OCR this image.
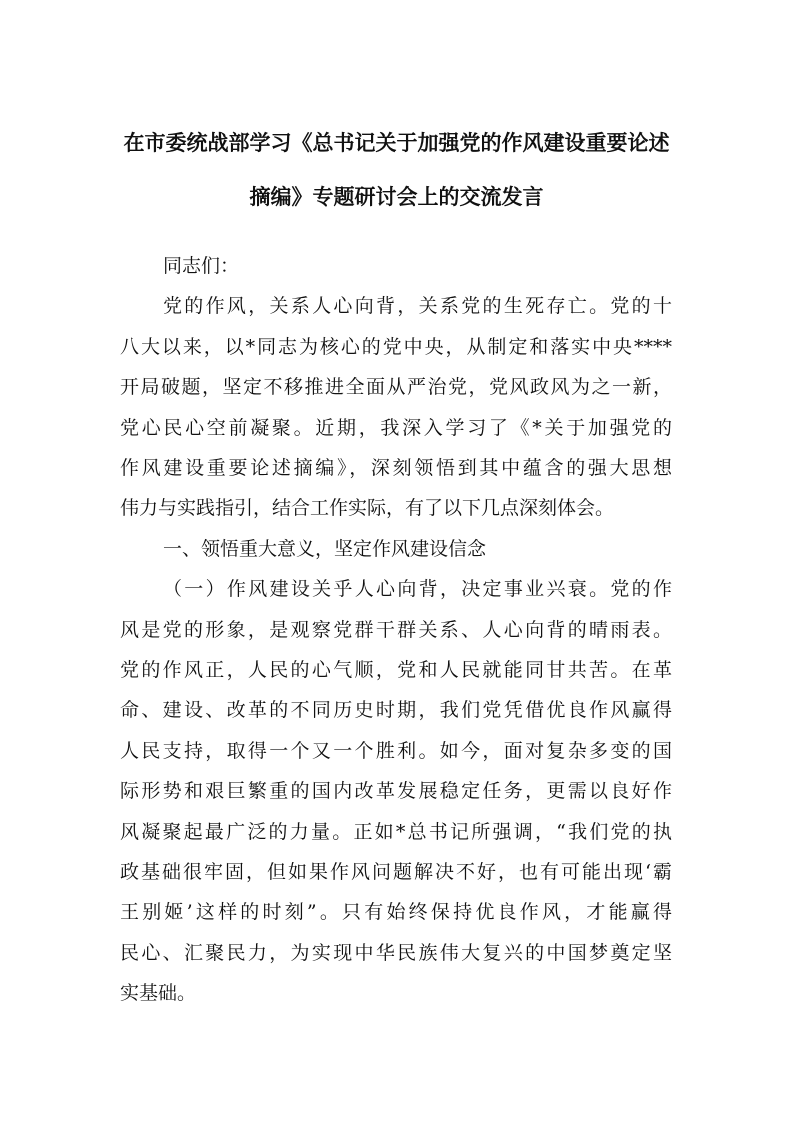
在市委统战部学习《总书记关于加强党的作风建设重要论述
摘编》专题研讨会上的交流发言
同志们：
党的作风，关系人心向背，关系党的生死存亡。党的十
八大以来，以*同志为核心的党中央，从制定和落实中央****
开局破题，坚定不移推进全面从严治党，党风政风为之一新，
党心民心空前凝聚。近期，我深入学习了《*关于加强党的
作风建设重要论述摘编》，深刻领悟到其中蕴含的强大思想
伟力与实践指引，结合工作实际，有了以下几点深刻体会。
一、领悟重大意义，坚定作风建设信念
（一）作风建设关乎人心向背，决定事业兴衰。党的作
风是党的形象，是观察党群干群关系、人心向背的晴雨表。
党的作风正，人民的心气顺，党和人民就能同甘共苦。在革
命、建设、改革的不同历史时期，我们党凭借优良作风赢得
人民支持，取得一个又一个胜利。如今，面对复杂多变的国
际形势和艰巨繁重的国内改革发展稳定任务，更需以良好作
风凝聚起最广泛的力量。正如*总书记所强调，“我们党的执
政基础很牢固，但如果作风问题解决不好，也有可能出现‘霸
王别姬’这样的时刻”。只有始终保持优良作风，才能赢得
民心、汇聚民力，为实现中华民族伟大复兴的中国梦奠定坚
实基础。
